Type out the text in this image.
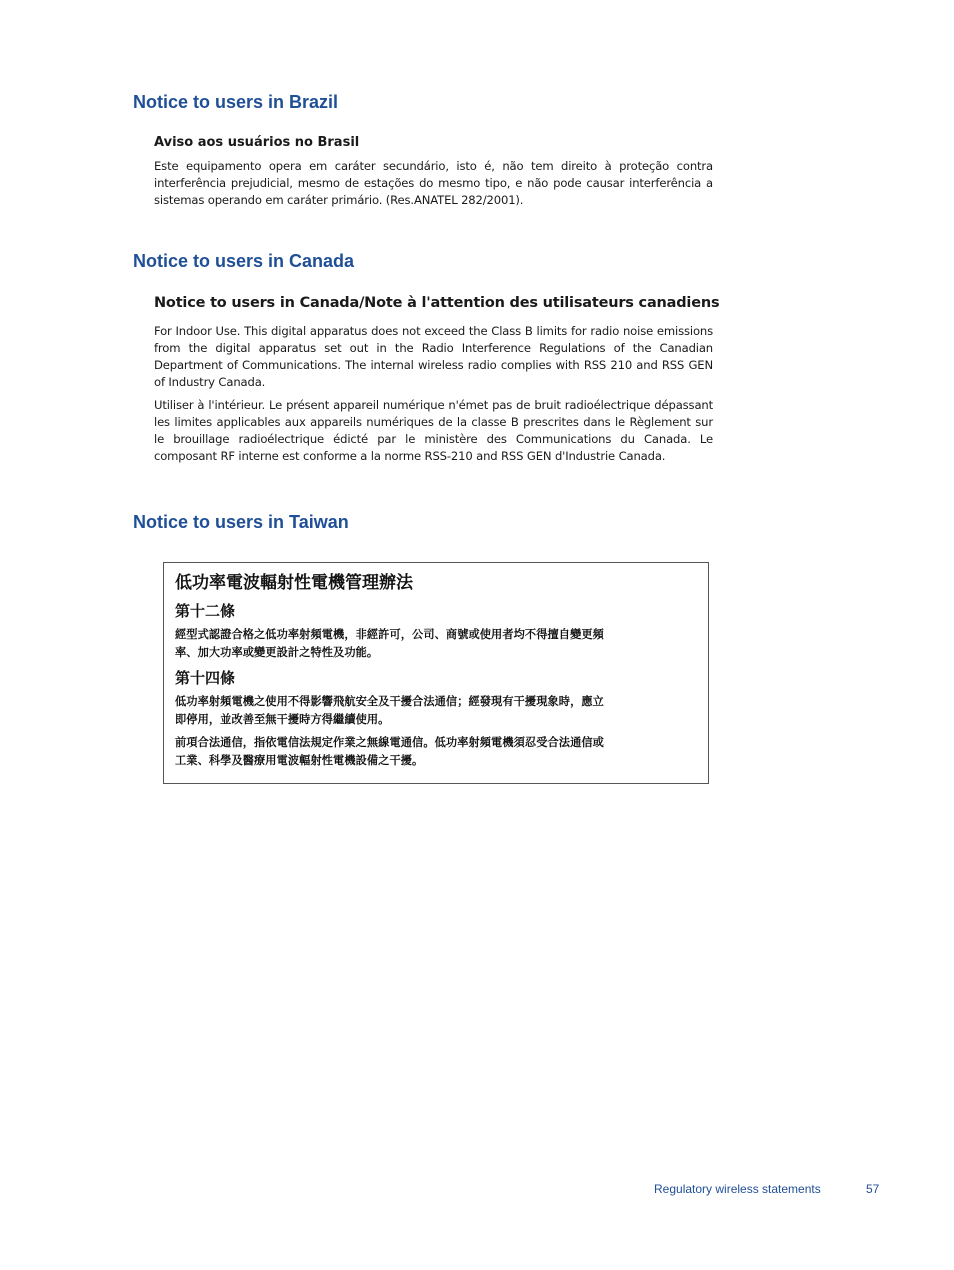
Notice to users in Brazil

Aviso aos usuários no Brasil

Este equipamento opera em caráter secundário, isto é, não tem direito à proteção contra interferência prejudicial, mesmo de estações do mesmo tipo, e não pode causar interferência a sistemas operando em caráter primário. (Res.ANATEL 282/2001).

Notice to users in Canada

Notice to users in Canada/Note à l'attention des utilisateurs canadiens

For Indoor Use. This digital apparatus does not exceed the Class B limits for radio noise emissions from the digital apparatus set out in the Radio Interference Regulations of the Canadian Department of Communications. The internal wireless radio complies with RSS 210 and RSS GEN of Industry Canada.

Utiliser à l'intérieur. Le présent appareil numérique n'émet pas de bruit radioélectrique dépassant les limites applicables aux appareils numériques de la classe B prescrites dans le Règlement sur le brouillage radioélectrique édicté par le ministère des Communications du Canada. Le composant RF interne est conforme a la norme RSS-210 and RSS GEN d'Industrie Canada.

Notice to users in Taiwan

低功率電波輻射性電機管理辦法

第十二條

經型式認證合格之低功率射頻電機，非經許可，公司、商號或使用者均不得擅自變更頻
率、加大功率或變更設計之特性及功能。

第十四條

低功率射頻電機之使用不得影響飛航安全及干擾合法通信；經發現有干擾現象時，應立
即停用，並改善至無干擾時方得繼續使用。

前項合法通信，指依電信法規定作業之無線電通信。低功率射頻電機須忍受合法通信或
工業、科學及醫療用電波輻射性電機設備之干擾。

Regulatory wireless statements	57
